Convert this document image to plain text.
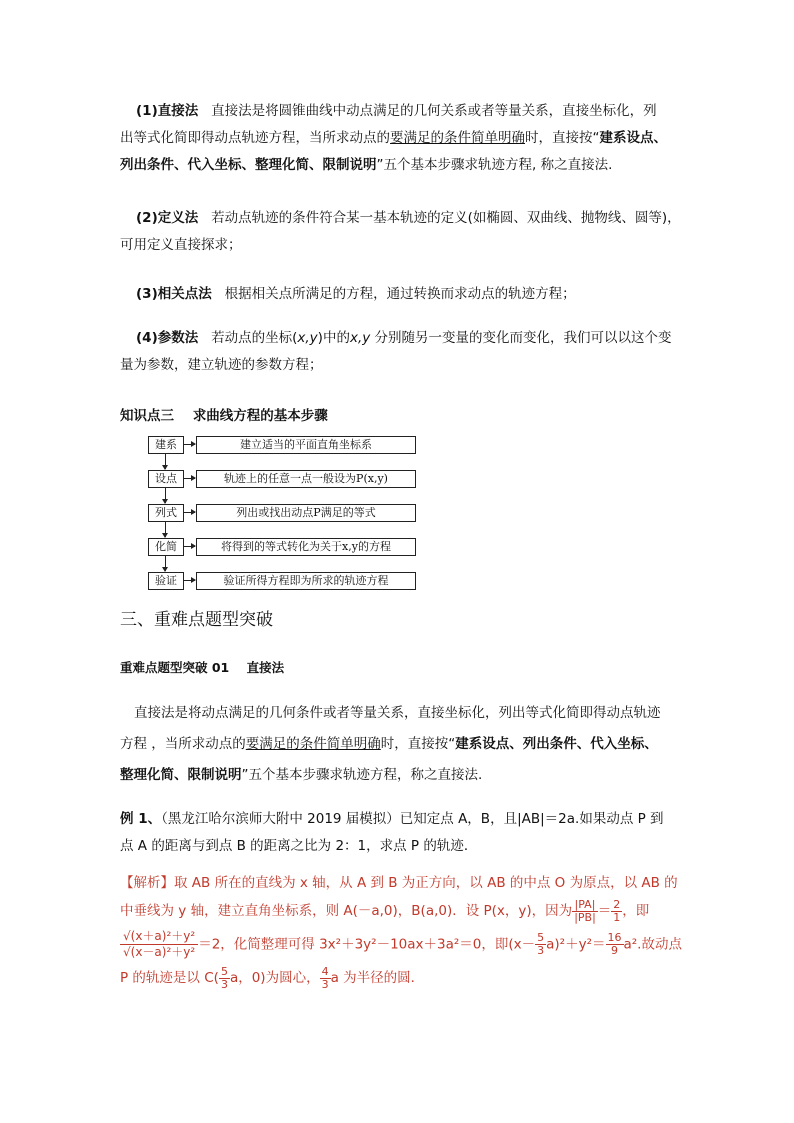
(1)直接法 直接法是将圆锥曲线中动点满足的几何关系或者等量关系，直接坐标化，列
出等式化简即得动点轨迹方程，当所求动点的要满足的条件简单明确时，直接按“建系设点、
列出条件、代入坐标、整理化简、限制说明”五个基本步骤求轨迹方程, 称之直接法.
(2)定义法 若动点轨迹的条件符合某一基本轨迹的定义(如椭圆、双曲线、抛物线、圆等)，
可用定义直接探求；
(3)相关点法 根据相关点所满足的方程，通过转换而求动点的轨迹方程；
(4)参数法 若动点的坐标(x,y)中的x,y 分别随另一变量的变化而变化，我们可以以这个变
量为参数，建立轨迹的参数方程；
知识点三 求曲线方程的基本步骤
建系	建立适当的平面直角坐标系
设点	轨迹上的任意一点一般设为P(x,y)
列式	列出或找出动点P满足的等式
化简	将得到的等式转化为关于x,y的方程
验证	验证所得方程即为所求的轨迹方程
三、重难点题型突破
重难点题型突破 01 直接法
直接法是将动点满足的几何条件或者等量关系，直接坐标化，列出等式化简即得动点轨迹
方程 ，当所求动点的要满足的条件简单明确时，直接按“建系设点、列出条件、代入坐标、
整理化简、限制说明”五个基本步骤求轨迹方程，称之直接法.
例 1、（黑龙江哈尔滨师大附中 2019 届模拟）已知定点 A，B，且|AB|＝2a.如果动点 P 到
点 A 的距离与到点 B 的距离之比为 2：1，求点 P 的轨迹．
【解析】取 AB 所在的直线为 x 轴，从 A 到 B 为正方向，以 AB 的中点 O 为原点，以 AB 的
中垂线为 y 轴，建立直角坐标系，则 A(－a,0)，B(a,0)．设 P(x，y)，因为 $\frac{|PA|}{|PB|} = \frac{2}{1}$ ，即
$\frac{\text{√(x＋a)²＋y²}}{\text{√(x－a)²＋y²}} =2$，化简整理可得 3x²＋3y²－10ax＋3a²＝0，即$(x- \frac{5}{3} a)^2+y^2= \frac{16}{9} a^2$.故动点
P 的轨迹是以 $C( \frac{5}{3}$ a，0)为圆心， $\frac{4}{3}$ a 为半径的圆．
